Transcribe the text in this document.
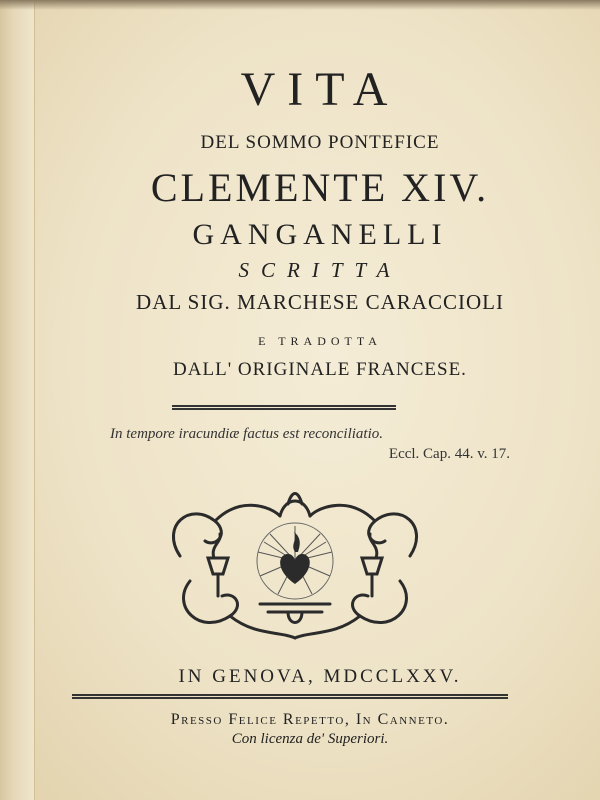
VITA
DEL SOMMO PONTEFICE
CLEMENTE XIV.
GANGANELLI
SCRITTA
DAL SIG. MARCHESE CARACCIOLI
E TRADOTTA
DALL' ORIGINALE FRANCESE.
In tempore iracundiæ factus est reconciliatio.
Eccl. Cap. 44. v. 17.
IN GENOVA, MDCCLXXV.
Presso Felice Repetto, In Canneto.
Con licenza de' Superiori.
